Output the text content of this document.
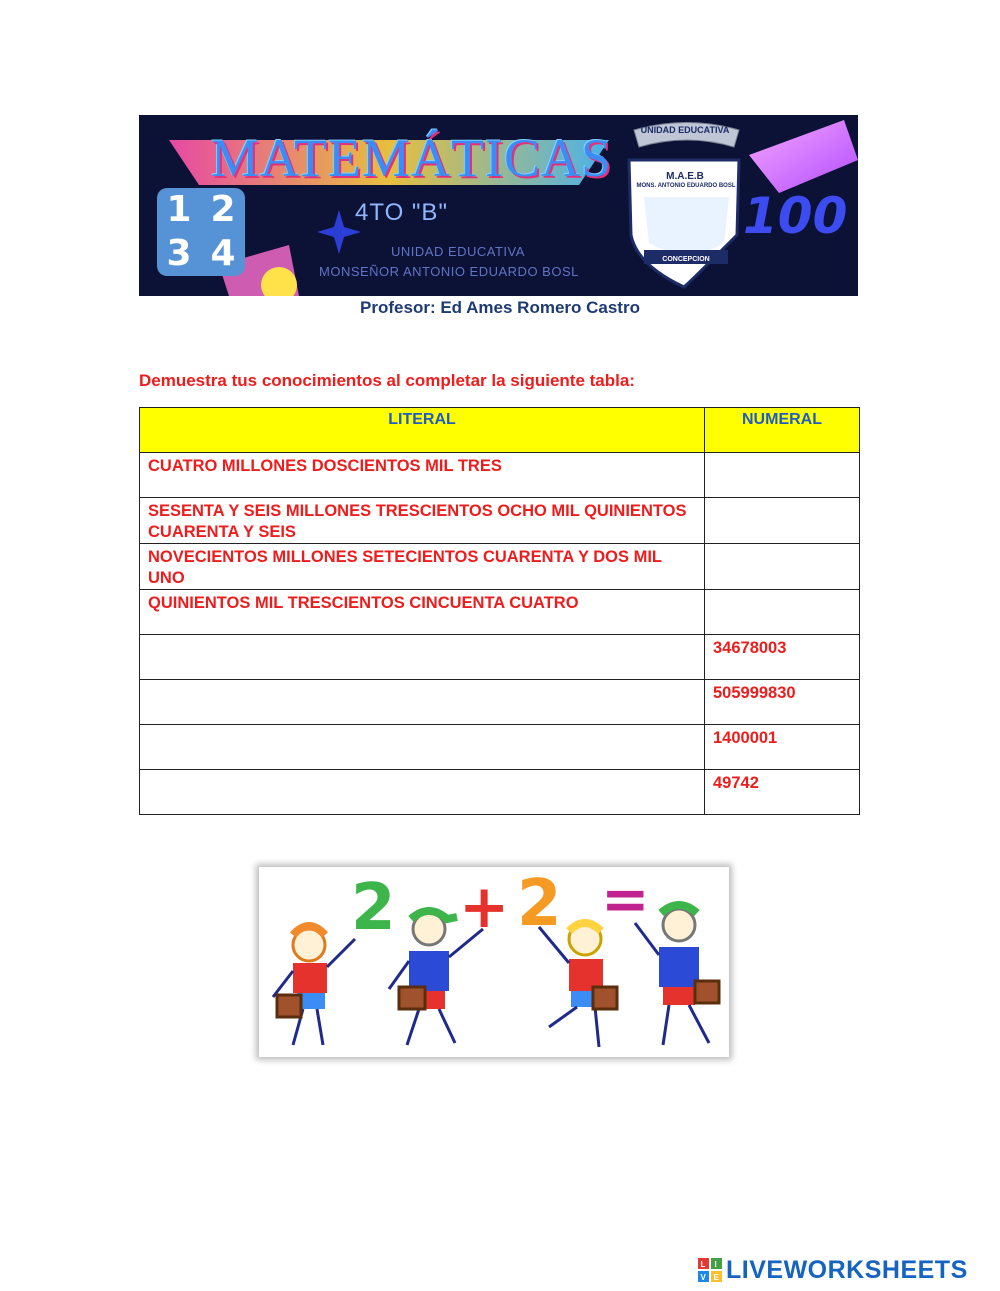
MATEMÁTICAS
4TO "B"
UNIDAD EDUCATIVA
MONSEÑOR ANTONIO EDUARDO BOSL
1 2
3 4
UNIDAD EDUCATIVA
M.A.E.B
MONS. ANTONIO EDUARDO BOSL
CONCEPCION
100

Profesor: Ed Ames Romero Castro

Demuestra tus conocimientos al completar la siguiente tabla:

LITERAL	NUMERAL

CUATRO MILLONES DOSCIENTOS MIL TRES

SESENTA Y SEIS MILLONES TRESCIENTOS OCHO MIL QUINIENTOS CUARENTA Y SEIS

NOVECIENTOS MILLONES SETECIENTOS CUARENTA Y DOS MIL UNO

QUINIENTOS MIL TRESCIENTOS CINCUENTA CUATRO

34678003

505999830

1400001

49742
2 + 2 =
L I
V E LIVEWORKSHEETS
